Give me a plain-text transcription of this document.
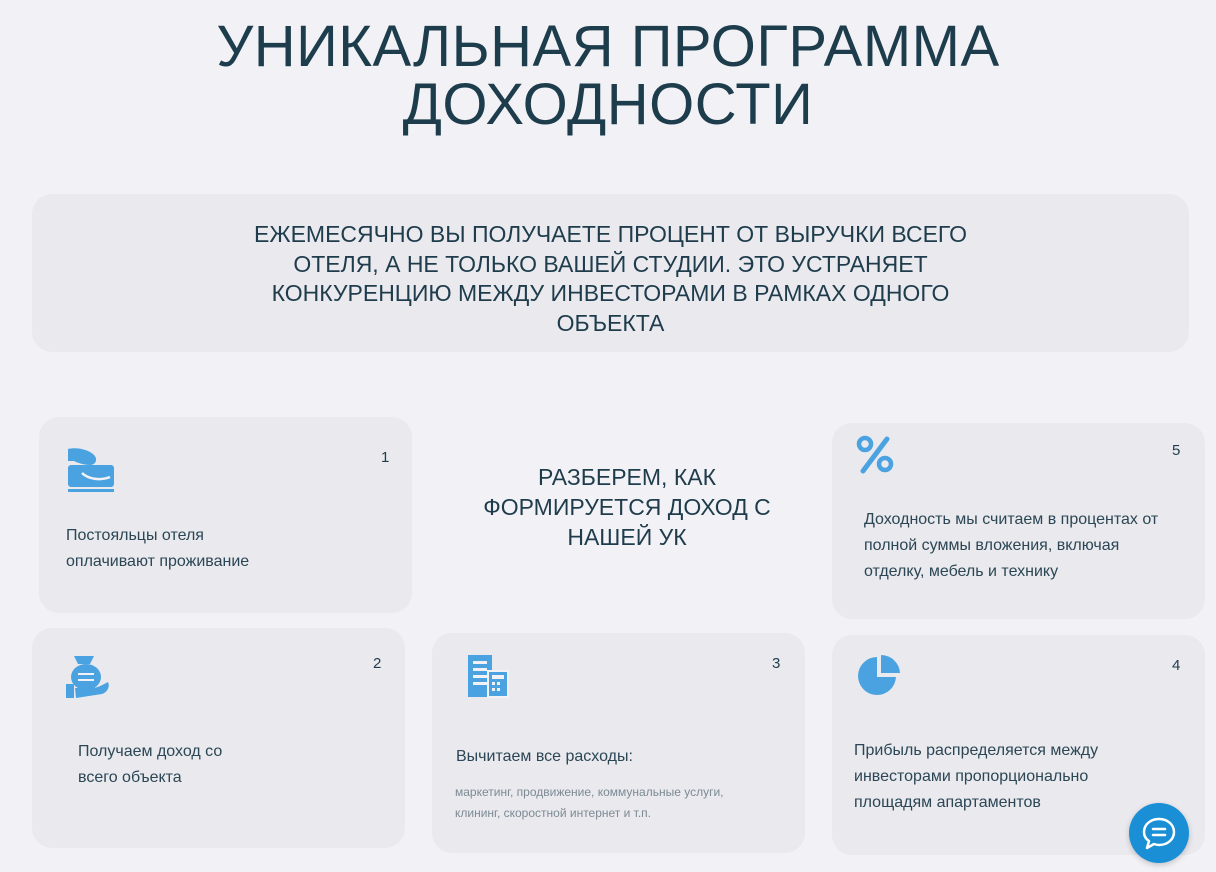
УНИКАЛЬНАЯ ПРОГРАММА
ДОХОДНОСТИ
ЕЖЕМЕСЯЧНО ВЫ ПОЛУЧАЕТЕ ПРОЦЕНТ ОТ ВЫРУЧКИ ВСЕГО ОТЕЛЯ, А НЕ ТОЛЬКО ВАШЕЙ СТУДИИ. ЭТО УСТРАНЯЕТ КОНКУРЕНЦИЮ МЕЖДУ ИНВЕСТОРАМИ В РАМКАХ ОДНОГО ОБЪЕКТА
1
Постояльцы отеля оплачивают проживание
РАЗБЕРЕМ, КАК ФОРМИРУЕТСЯ ДОХОД С НАШЕЙ УК
5
Доходность мы считаем в процентах от полной суммы вложения, включая отделку, мебель и технику
2
Получаем доход со всего объекта
3
Вычитаем все расходы:
маркетинг, продвижение, коммунальные услуги, клининг, скоростной интернет и т.п.
4
Прибыль распределяется между инвесторами пропорционально площадям апартаментов
